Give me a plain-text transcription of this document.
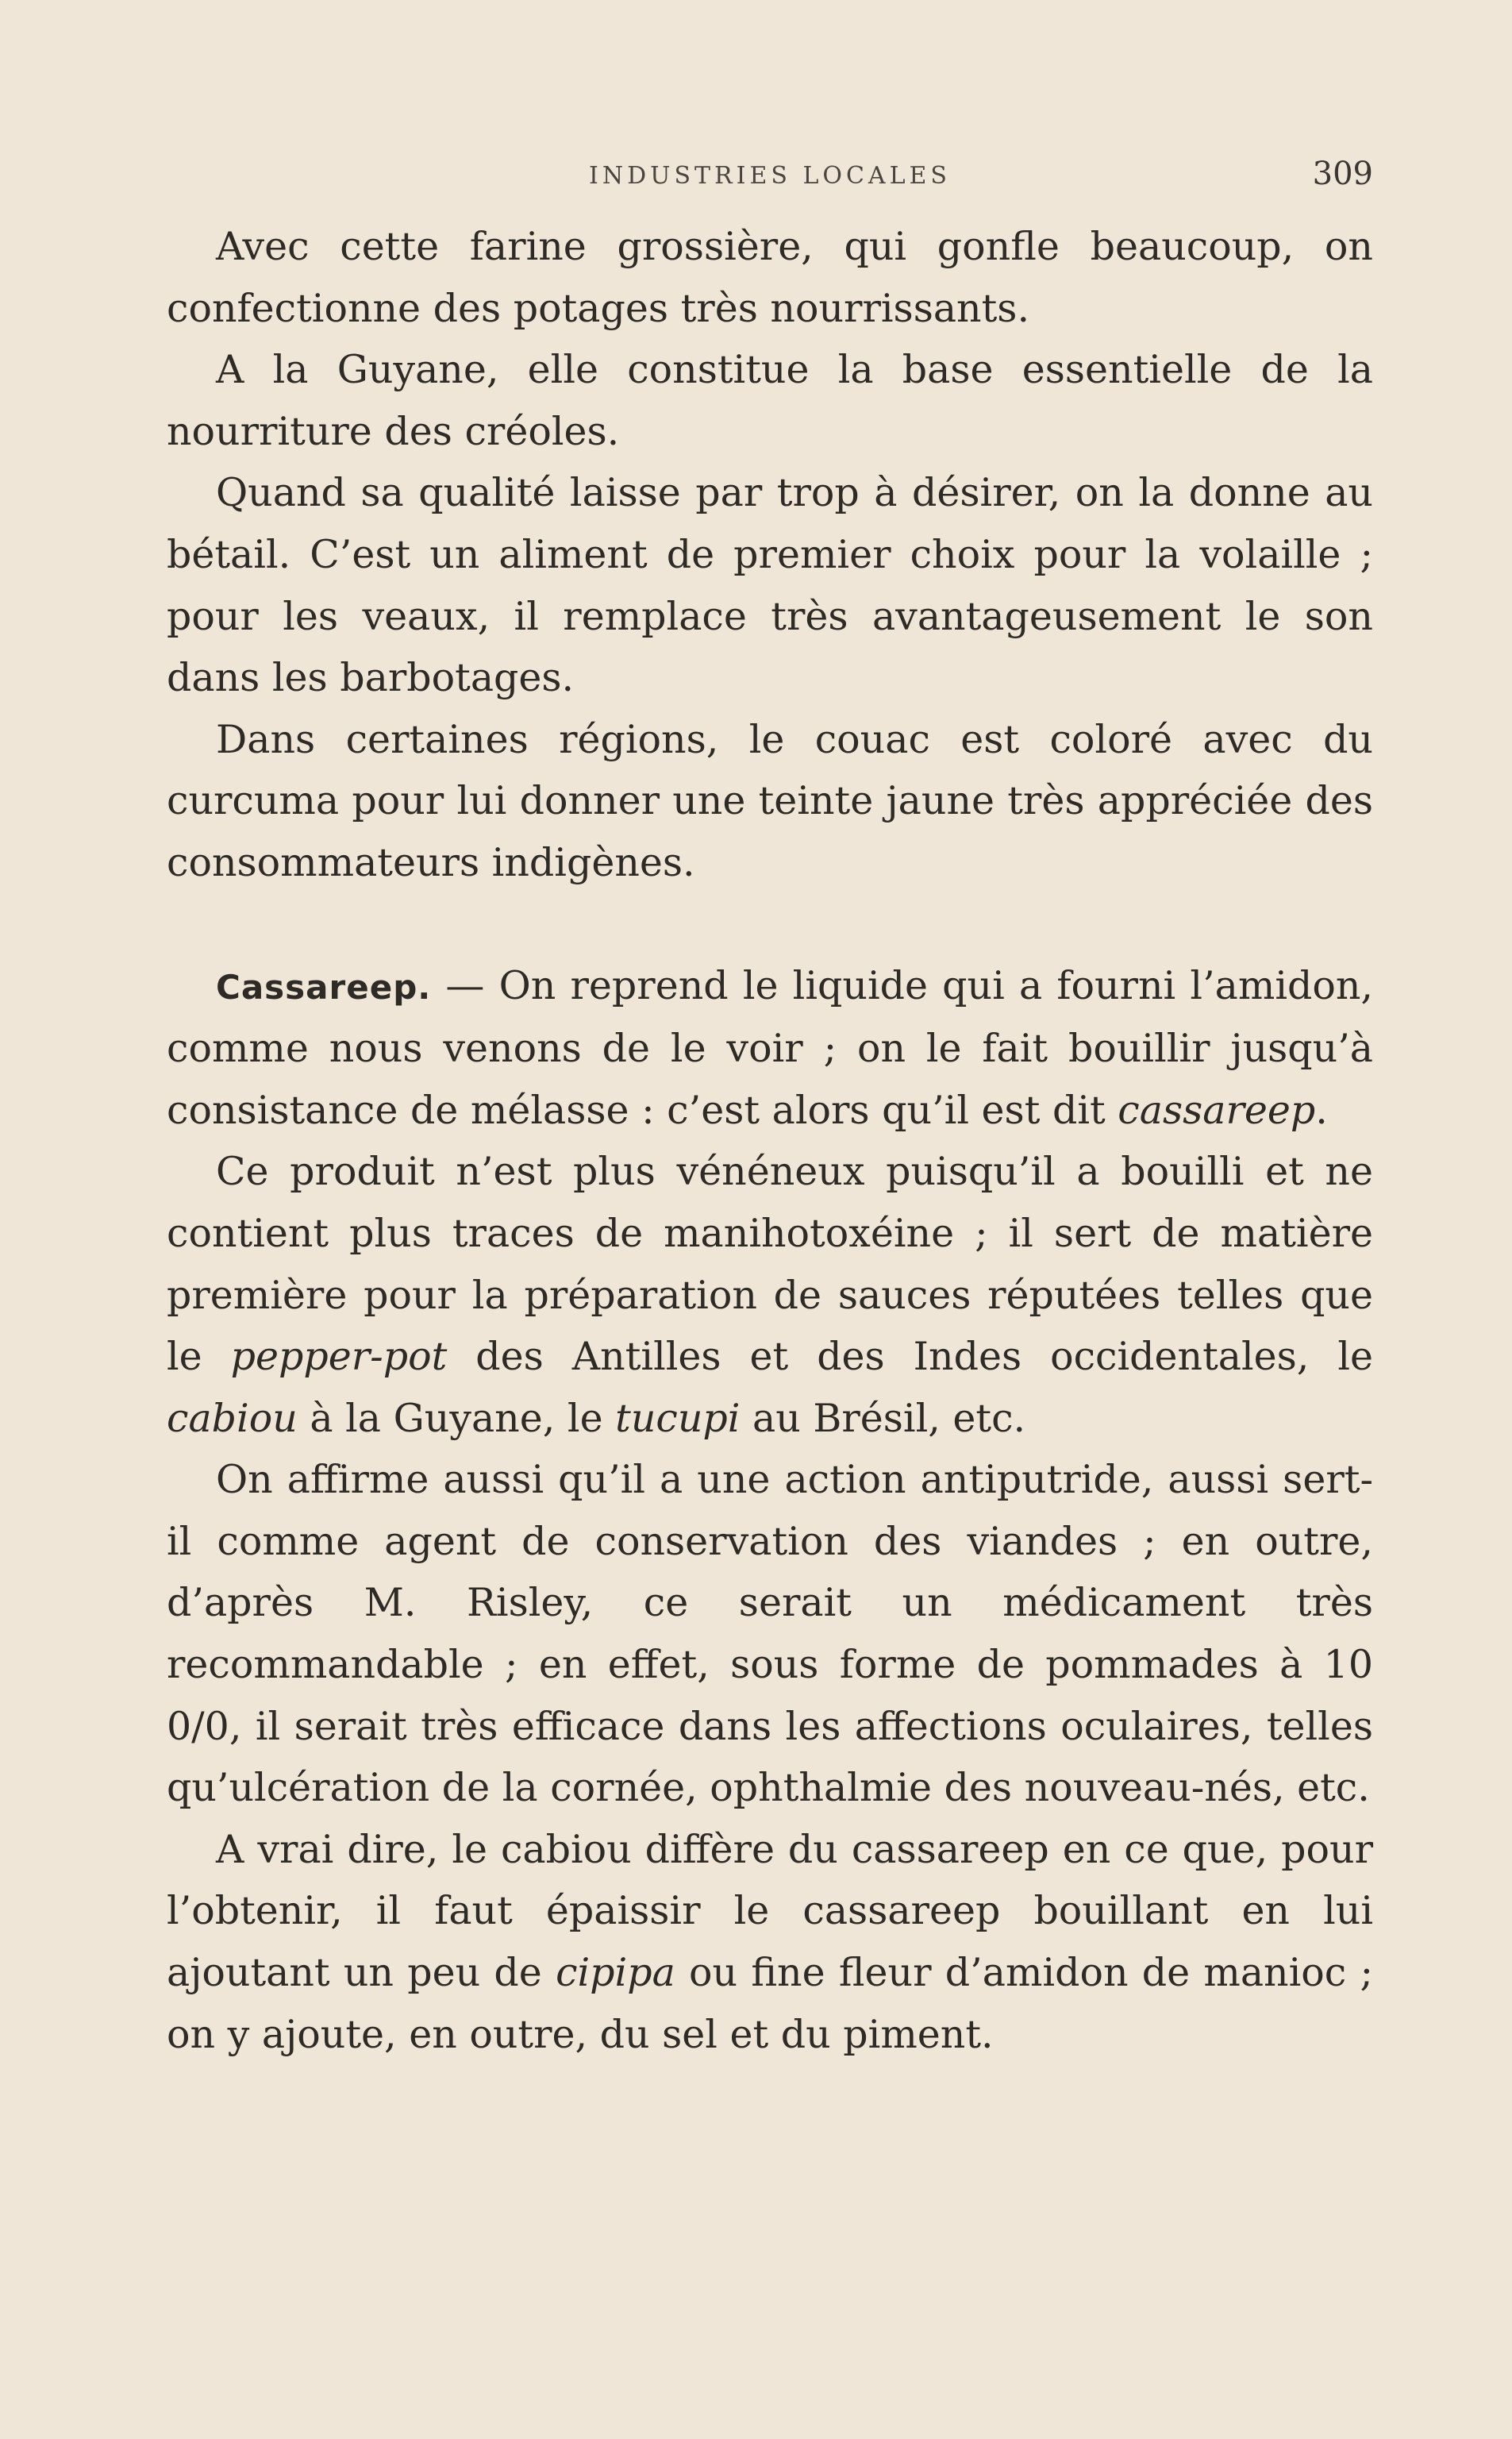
INDUSTRIES LOCALES	309

Avec cette farine grossière, qui gonfle beaucoup, on confectionne des potages très nourrissants.

A la Guyane, elle constitue la base essentielle de la nourriture des créoles.

Quand sa qualité laisse par trop à désirer, on la donne au bétail. C’est un aliment de premier choix pour la volaille ; pour les veaux, il remplace très avantageusement le son dans les barbotages.

Dans certaines régions, le couac est coloré avec du curcuma pour lui donner une teinte jaune très appréciée des consommateurs indigènes.

Cassareep. — On reprend le liquide qui a fourni l’amidon, comme nous venons de le voir ; on le fait bouillir jusqu’à consistance de mélasse : c’est alors qu’il est dit cassareep.

Ce produit n’est plus vénéneux puisqu’il a bouilli et ne contient plus traces de manihotoxéine ; il sert de matière première pour la préparation de sauces réputées telles que le pepper-pot des Antilles et des Indes occidentales, le cabiou à la Guyane, le tucupi au Brésil, etc.

On affirme aussi qu’il a une action antiputride, aussi sert-il comme agent de conservation des viandes ; en outre, d’après M. Risley, ce serait un médicament très recommandable ; en effet, sous forme de pommades à 10 0/0, il serait très efficace dans les affections oculaires, telles qu’ulcération de la cornée, ophthalmie des nouveau-nés, etc.

A vrai dire, le cabiou diffère du cassareep en ce que, pour l’obtenir, il faut épaissir le cassareep bouillant en lui ajoutant un peu de cipipa ou fine fleur d’amidon de manioc ; on y ajoute, en outre, du sel et du piment.
